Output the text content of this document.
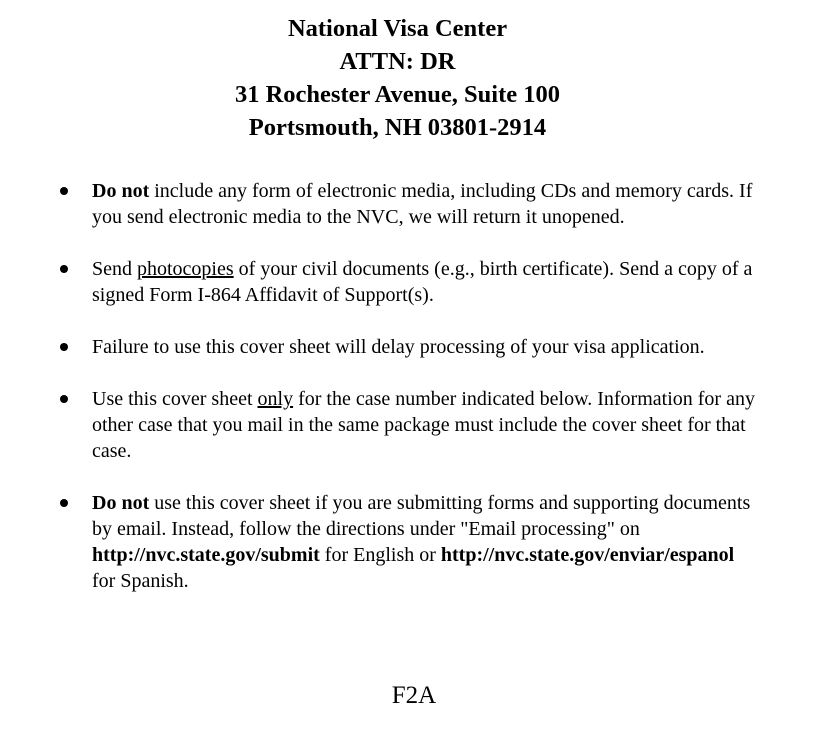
National Visa Center
ATTN: DR
31 Rochester Avenue, Suite 100
Portsmouth, NH 03801-2914
Do not include any form of electronic media, including CDs and memory cards. If you send electronic media to the NVC, we will return it unopened.
Send photocopies of your civil documents (e.g., birth certificate). Send a copy of a signed Form I-864 Affidavit of Support(s).
Failure to use this cover sheet will delay processing of your visa application.
Use this cover sheet only for the case number indicated below. Information for any other case that you mail in the same package must include the cover sheet for that case.
Do not use this cover sheet if you are submitting forms and supporting documents by email. Instead, follow the directions under "Email processing" on http://nvc.state.gov/submit for English or http://nvc.state.gov/enviar/espanol for Spanish.
F2A
